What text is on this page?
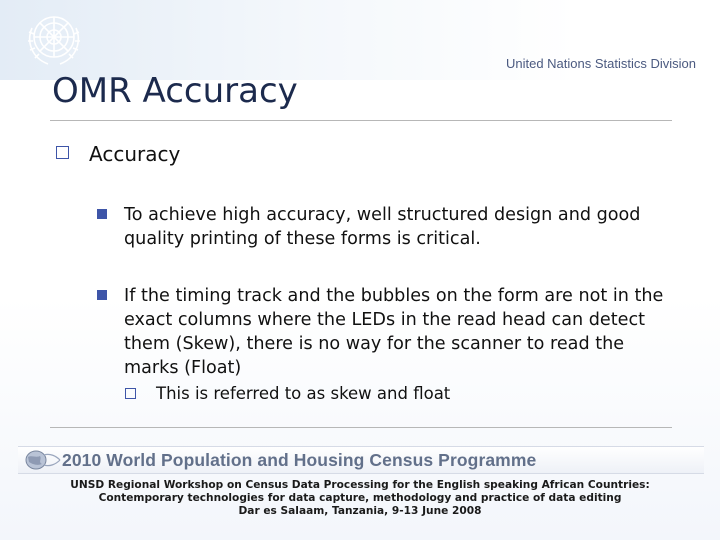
United Nations Statistics Division
OMR Accuracy
Accuracy
To achieve high accuracy, well structured design and good quality printing of these forms is critical.
If the timing track and the bubbles on the form are not in the exact columns where the LEDs in the read head can detect them (Skew), there is no way for the scanner to read the marks (Float)
This is referred to as skew and float
2010 World Population and Housing Census Programme
UNSD Regional Workshop on Census Data Processing for the English speaking African Countries:
Contemporary technologies for data capture, methodology and practice of data editing
Dar es Salaam, Tanzania, 9-13 June 2008
